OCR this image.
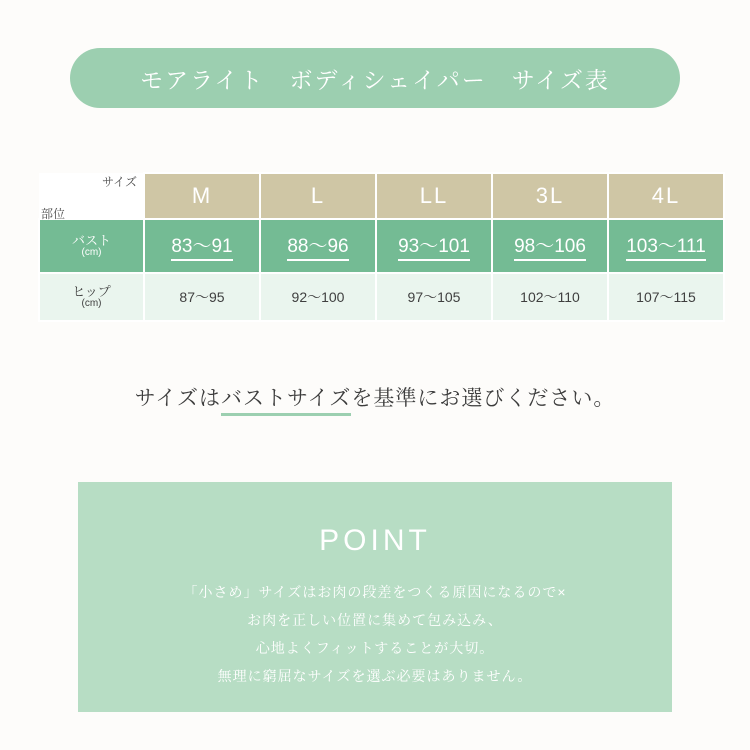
モアライト　ボディシェイパー　サイズ表
サイズ
部位	M	L	LL	3L	4L

バスト
(cm)	83〜91	88〜96	93〜101	98〜106	103〜111

ヒップ
(cm)	87〜95	92〜100	97〜105	102〜110	107〜115
サイズはバストサイズを基準にお選びください。
POINT
「小さめ」サイズはお肉の段差をつくる原因になるので×
お肉を正しい位置に集めて包み込み、
心地よくフィットすることが大切。
無理に窮屈なサイズを選ぶ必要はありません。
